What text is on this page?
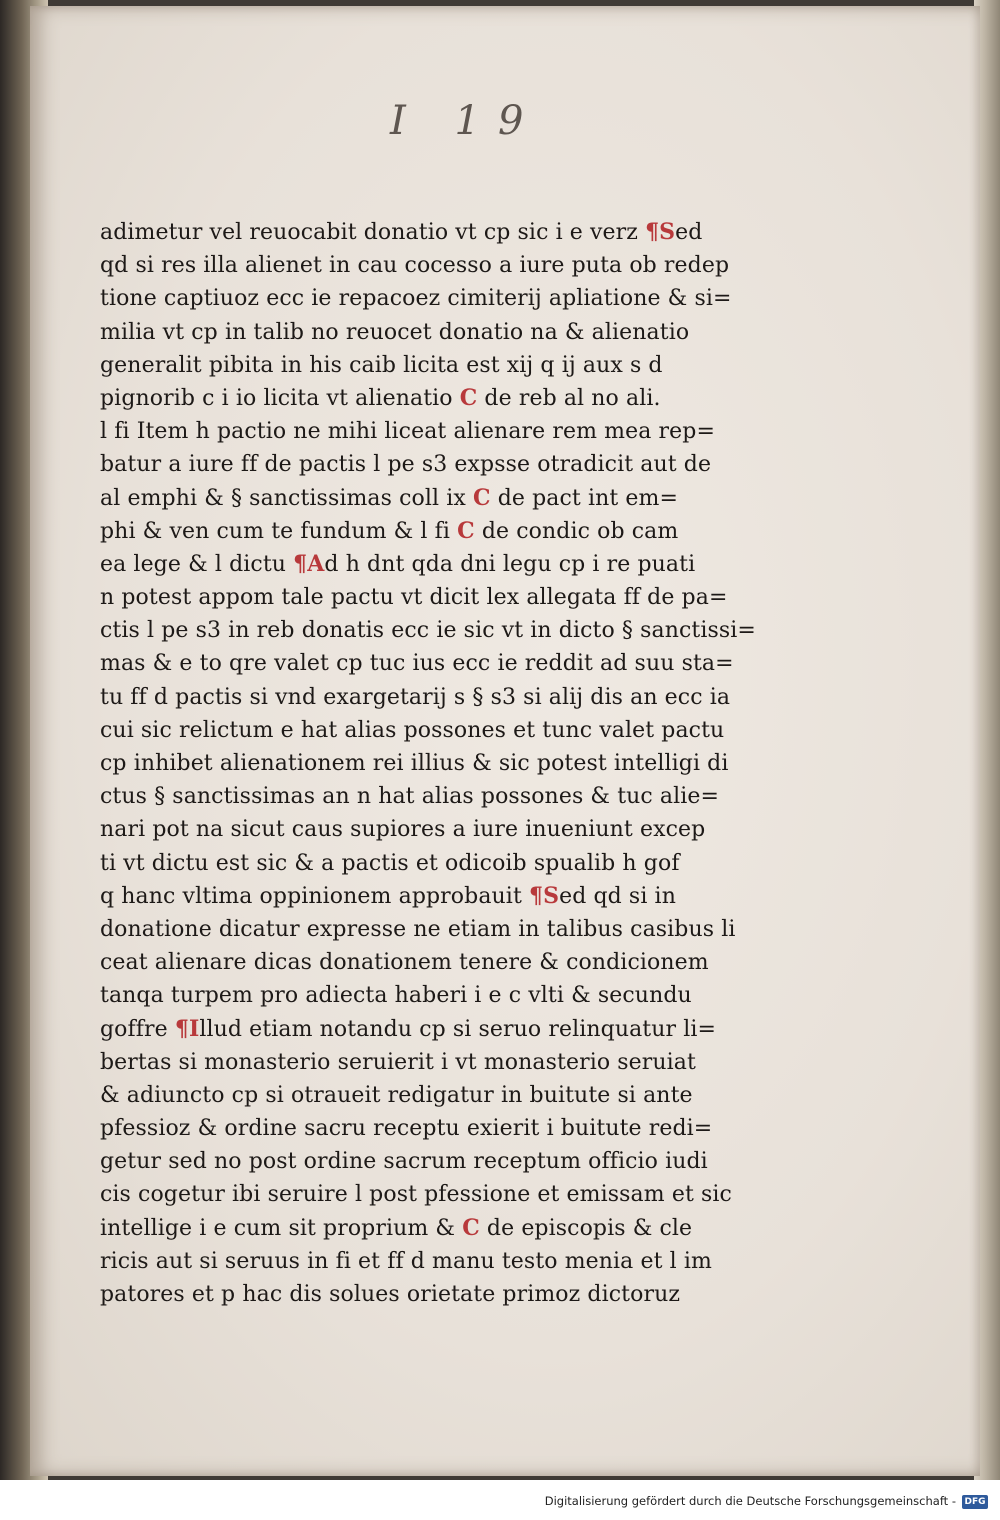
I 19
adimetur vel reuocabit donatio vt cp sic i e verz ¶Sed
qd si res illa alienet in cau cocesso a iure puta ob redep
tione captiuoz ecc ie repacoez cimiterij apliatione & si=
milia vt cp in talib no reuocet donatio na & alienatio
generalit pibita in his caib licita est xij q ij aux s d
pignorib c i io licita vt alienatio C de reb al no ali.
l fi Item h pactio ne mihi liceat alienare rem mea rep=
batur a iure ff de pactis l pe s3 expsse otradicit aut de
al emphi & § sanctissimas coll ix C de pact int em=
phi & ven cum te fundum & l fi C de condic ob cam
ea lege & l dictu ¶Ad h dnt qda dni legu cp i re puati
n potest appom tale pactu vt dicit lex allegata ff de pa=
ctis l pe s3 in reb donatis ecc ie sic vt in dicto § sanctissi=
mas & e to qre valet cp tuc ius ecc ie reddit ad suu sta=
tu ff d pactis si vnd exargetarij s § s3 si alij dis an ecc ia
cui sic relictum e hat alias possones et tunc valet pactu
cp inhibet alienationem rei illius & sic potest intelligi di
ctus § sanctissimas an n hat alias possones & tuc alie=
nari pot na sicut caus supiores a iure inueniunt excep
ti vt dictu est sic & a pactis et odicoib spualib h gof
q hanc vltima oppinionem approbauit ¶Sed qd si in
donatione dicatur expresse ne etiam in talibus casibus li
ceat alienare dicas donationem tenere & condicionem
tanqa turpem pro adiecta haberi i e c vlti & secundu
goffre ¶Illud etiam notandu cp si seruo relinquatur li=
bertas si monasterio seruierit i vt monasterio seruiat
& adiuncto cp si otraueit redigatur in buitute si ante
pfessioz & ordine sacru receptu exierit i buitute redi=
getur sed no post ordine sacrum receptum officio iudi
cis cogetur ibi seruire l post pfessione et emissam et sic
intellige i e cum sit proprium & C de episcopis & cle
ricis aut si seruus in fi et ff d manu testo menia et l im
patores et p hac dis solues orietate primoz dictoruz
Digitalisierung gefördert durch die Deutsche Forschungsgemeinschaft - DFG
